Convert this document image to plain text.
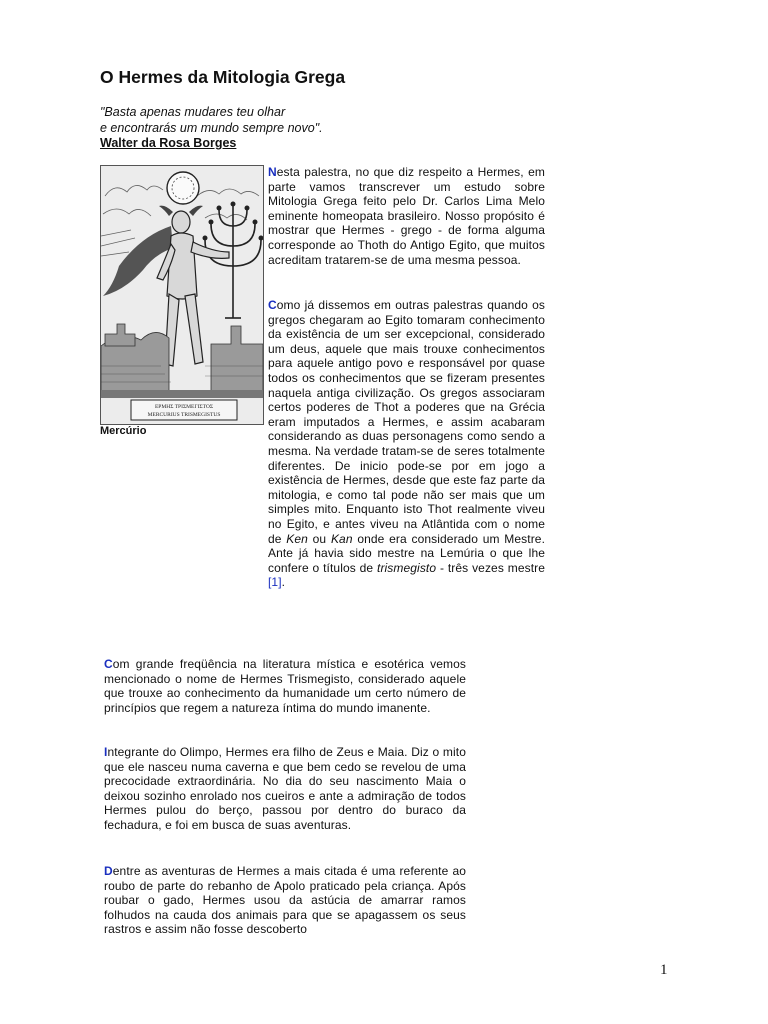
O Hermes da Mitologia Grega
"Basta apenas mudares teu olhar
e encontrarás um mundo sempre novo".
Walter da Rosa Borges
ΕΡΜΗΣ ΤΡΙΣΜΕΓΙΣΤΟΣ
MERCURIUS TRISMEGISTUS
Mercúrio

Nesta palestra, no que diz respeito a Hermes, em parte vamos transcrever um estudo sobre Mitologia Grega feito pelo Dr. Carlos Lima Melo eminente homeopata brasileiro. Nosso propósito é mostrar que Hermes - grego - de forma alguma corresponde ao Thoth do Antigo Egito, que muitos acreditam tratarem-se de uma mesma pessoa.

Como já dissemos em outras palestras quando os gregos chegaram ao Egito tomaram conhecimento da existência de um ser excepcional, considerado um deus, aquele que mais trouxe conhecimentos para aquele antigo povo e responsável por quase todos os conhecimentos que se fizeram presentes naquela antiga civilização. Os gregos associaram certos poderes de Thot a poderes que na Grécia eram imputados a Hermes, e assim acabaram considerando as duas personagens como sendo a mesma. Na verdade tratam-se de seres totalmente diferentes. De inicio pode-se por em jogo a existência de Hermes, desde que este faz parte da mitologia, e como tal pode não ser mais que um simples mito. Enquanto isto Thot realmente viveu no Egito, e antes viveu na Atlântida com o nome de Ken ou Kan onde era considerado um Mestre. Ante já havia sido mestre na Lemúria o que lhe confere o títulos de trismegisto - três vezes mestre [1].

Com grande freqüência na literatura mística e esotérica vemos mencionado o nome de Hermes Trismegisto, considerado aquele que trouxe ao conhecimento da humanidade um certo número de princípios que regem a natureza íntima do mundo imanente.

Integrante do Olimpo, Hermes era filho de Zeus e Maia. Diz o mito que ele nasceu numa caverna e que bem cedo se revelou de uma precocidade extraordinária. No dia do seu nascimento Maia o deixou sozinho enrolado nos cueiros e ante a admiração de todos Hermes pulou do berço, passou por dentro do buraco da fechadura, e foi em busca de suas aventuras.

Dentre as aventuras de Hermes a mais citada é uma referente ao roubo de parte do rebanho de Apolo praticado pela criança. Após roubar o gado, Hermes usou da astúcia de amarrar ramos folhudos na cauda dos animais para que se apagassem os seus rastros e assim não fosse descoberto

1
